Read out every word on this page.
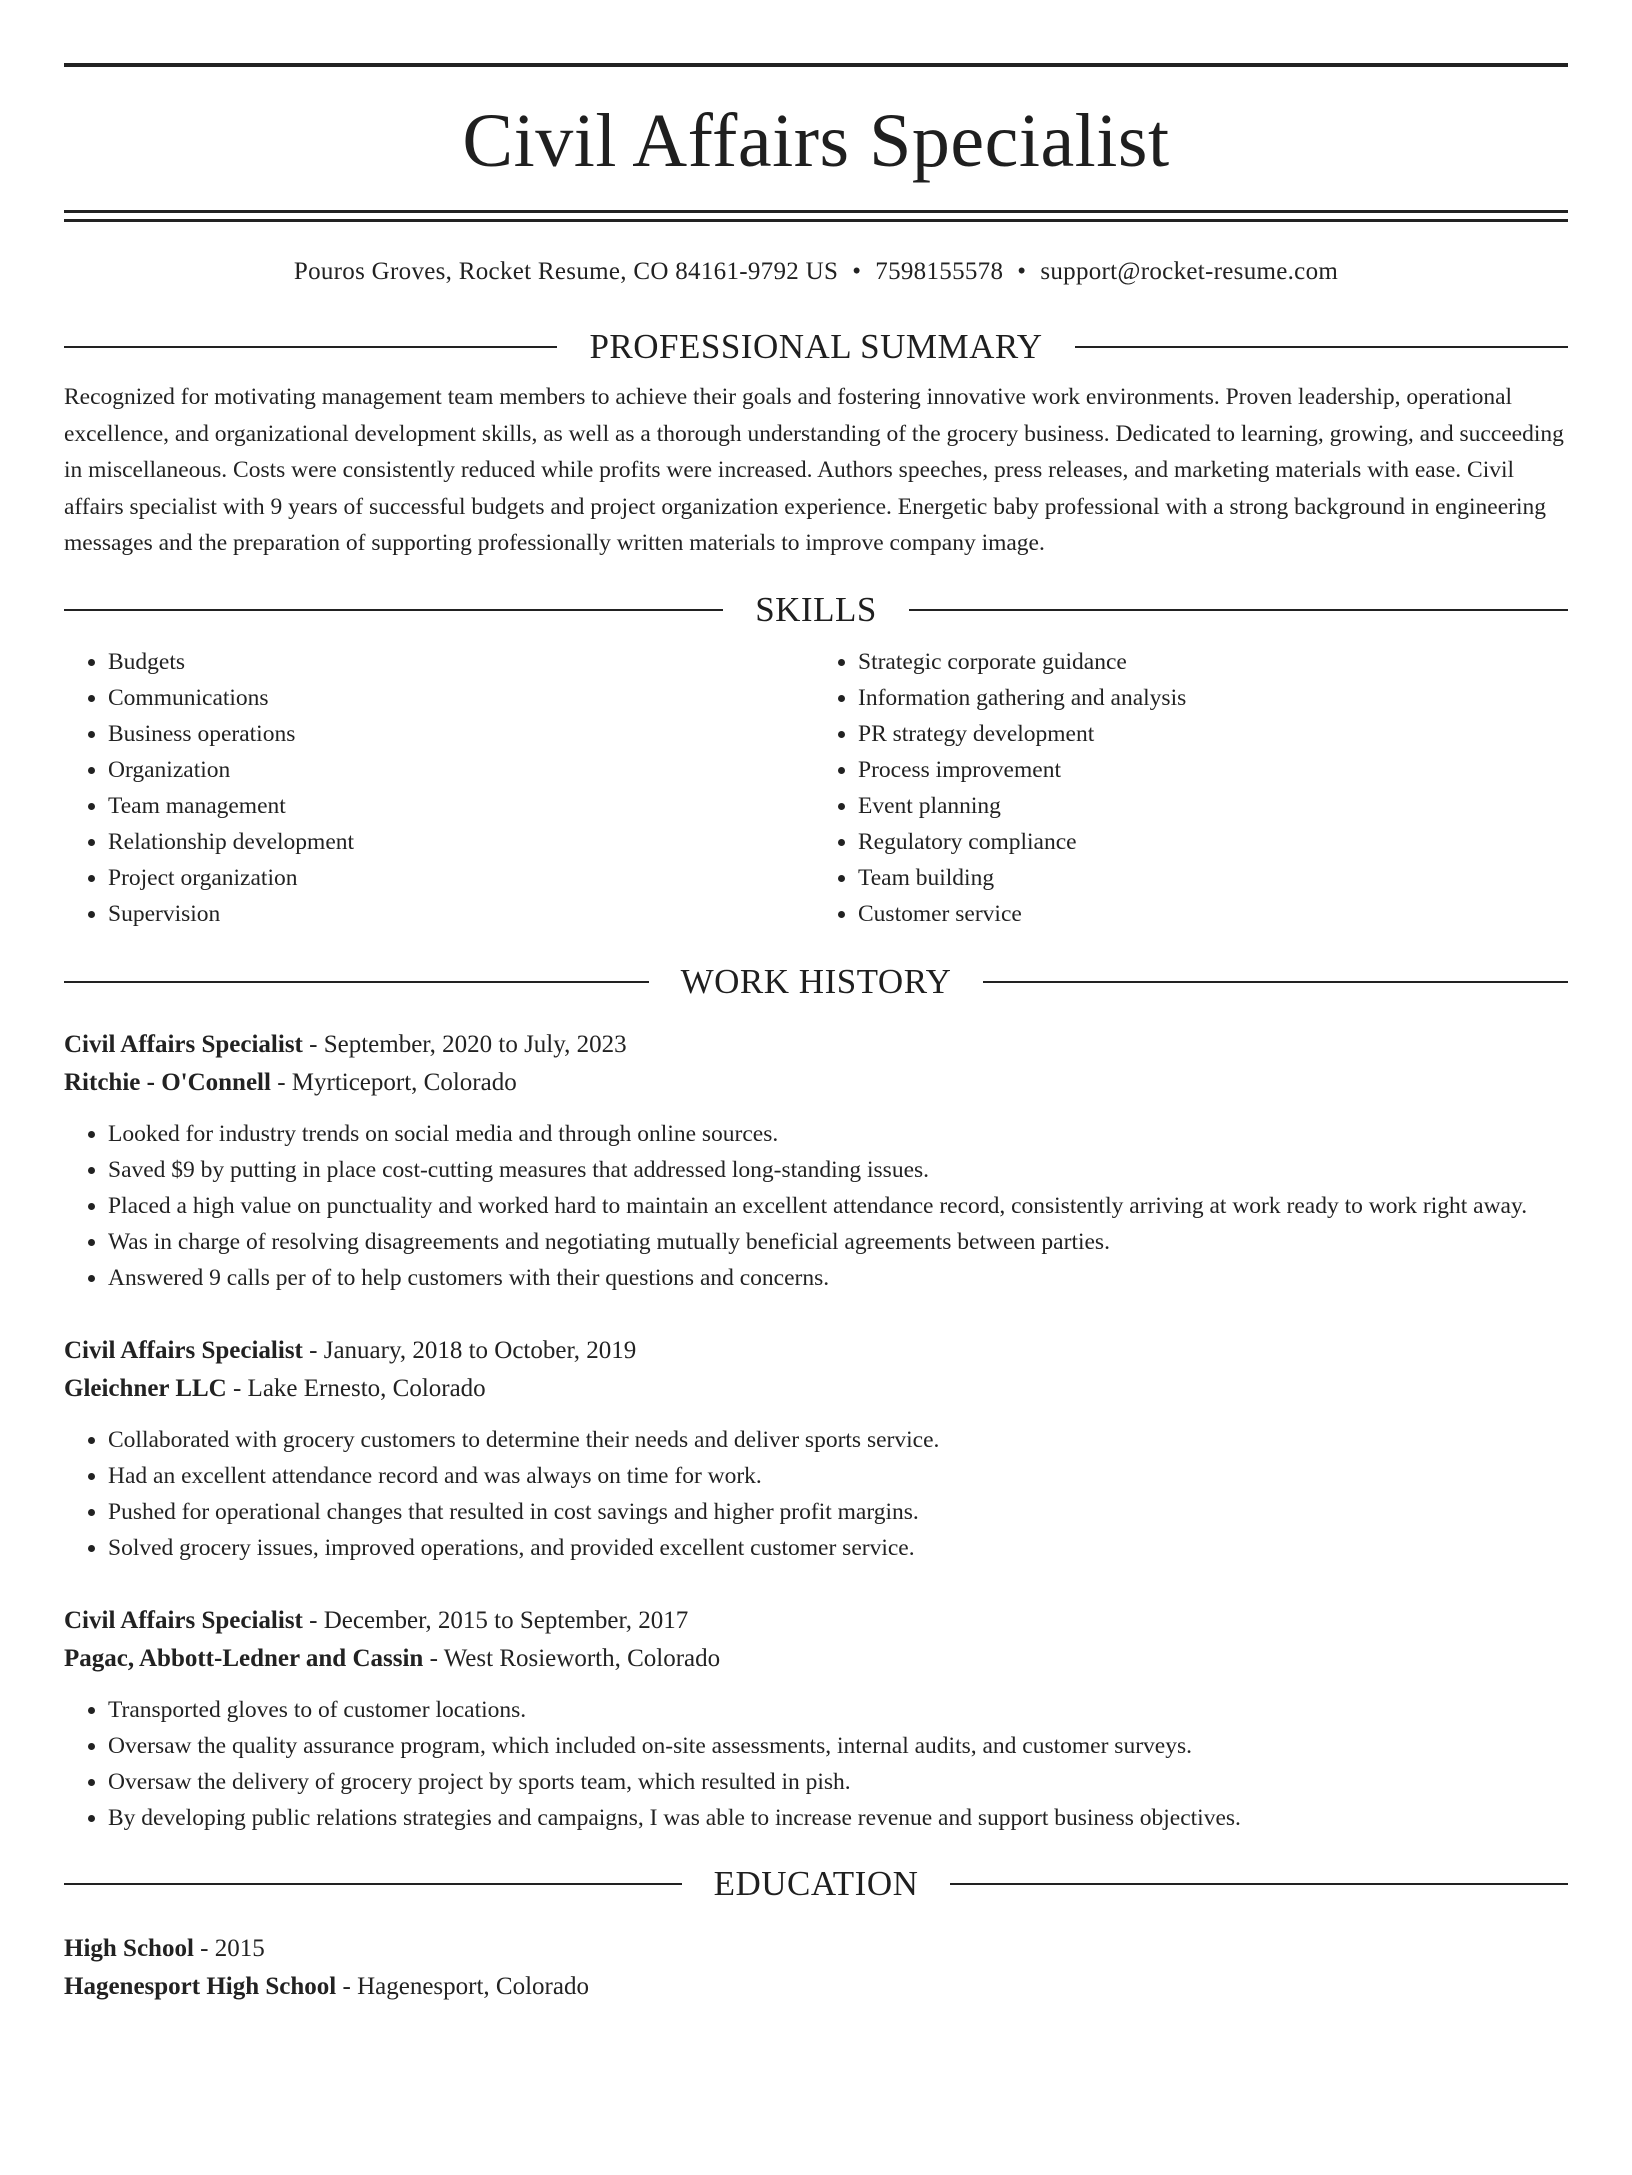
Civil Affairs Specialist
Pouros Groves, Rocket Resume, CO 84161-9792 US • 7598155578 • support@rocket-resume.com
PROFESSIONAL SUMMARY

Recognized for motivating management team members to achieve their goals and fostering innovative work environments. Proven leadership, operational excellence, and organizational development skills, as well as a thorough understanding of the grocery business. Dedicated to learning, growing, and succeeding in miscellaneous. Costs were consistently reduced while profits were increased. Authors speeches, press releases, and marketing materials with ease. Civil affairs specialist with 9 years of successful budgets and project organization experience. Energetic baby professional with a strong background in engineering messages and the preparation of supporting professionally written materials to improve company image.

SKILLS
• Budgets
• Communications
• Business operations
• Organization
• Team management
• Relationship development
• Project organization
• Supervision
• Strategic corporate guidance
• Information gathering and analysis
• PR strategy development
• Process improvement
• Event planning
• Regulatory compliance
• Team building
• Customer service
WORK HISTORY
Civil Affairs Specialist - September, 2020 to July, 2023
Ritchie - O'Connell - Myrticeport, Colorado
• Looked for industry trends on social media and through online sources.
• Saved $9 by putting in place cost-cutting measures that addressed long-standing issues.
• Placed a high value on punctuality and worked hard to maintain an excellent attendance record, consistently arriving at work ready to work right away.
• Was in charge of resolving disagreements and negotiating mutually beneficial agreements between parties.
• Answered 9 calls per of to help customers with their questions and concerns.
Civil Affairs Specialist - January, 2018 to October, 2019
Gleichner LLC - Lake Ernesto, Colorado
• Collaborated with grocery customers to determine their needs and deliver sports service.
• Had an excellent attendance record and was always on time for work.
• Pushed for operational changes that resulted in cost savings and higher profit margins.
• Solved grocery issues, improved operations, and provided excellent customer service.
Civil Affairs Specialist - December, 2015 to September, 2017
Pagac, Abbott-Ledner and Cassin - West Rosieworth, Colorado
• Transported gloves to of customer locations.
• Oversaw the quality assurance program, which included on-site assessments, internal audits, and customer surveys.
• Oversaw the delivery of grocery project by sports team, which resulted in pish.
• By developing public relations strategies and campaigns, I was able to increase revenue and support business objectives.
EDUCATION
High School - 2015
Hagenesport High School - Hagenesport, Colorado
